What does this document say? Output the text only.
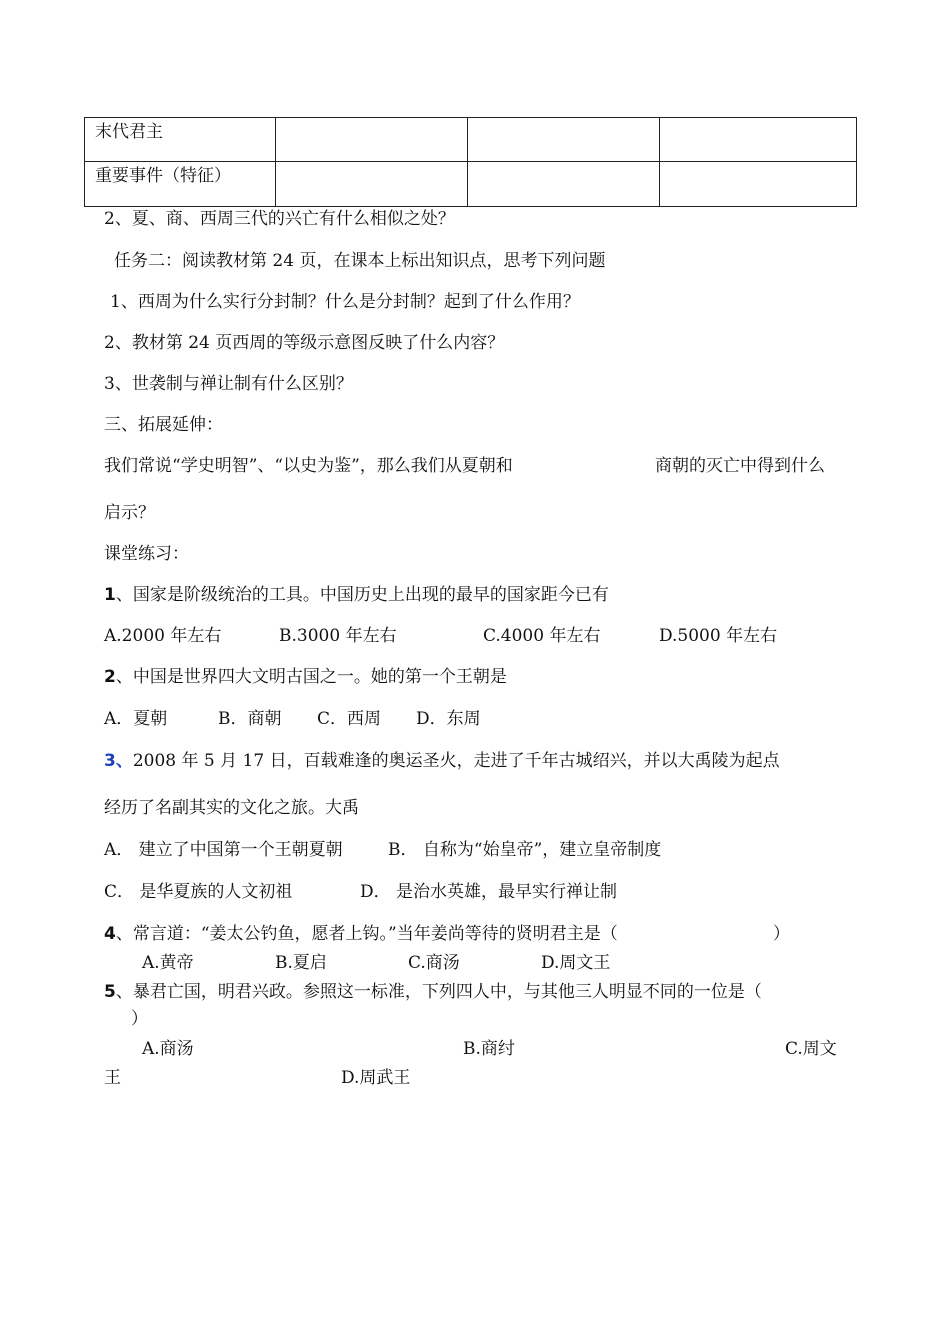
末代君主			
重要事件（特征）			
2、夏、商、西周三代的兴亡有什么相似之处？
任务二：阅读教材第 24 页，在课本上标出知识点，思考下列问题
1、西周为什么实行分封制？什么是分封制？起到了什么作用？
2、教材第 24 页西周的等级示意图反映了什么内容？
3、世袭制与禅让制有什么区别？
三、拓展延伸：
我们常说“学史明智”、“以史为鉴”，那么我们从夏朝和	商朝的灭亡中得到什么
启示？
课堂练习：
1、国家是阶级统治的工具。中国历史上出现的最早的国家距今已有
A.2000 年左右	B.3000 年左右	C.4000 年左右	D.5000 年左右
2、中国是世界四大文明古国之一。她的第一个王朝是
A．夏朝	B．商朝 C．西周 D．东周
3、2008 年 5 月 17 日，百载难逢的奥运圣火，走进了千年古城绍兴，并以大禹陵为起点
经历了名副其实的文化之旅。大禹
A． 建立了中国第一个王朝夏朝	B． 自称为“始皇帝”，建立皇帝制度
C． 是华夏族的人文初祖	D． 是治水英雄，最早实行禅让制
4、常言道：“姜太公钓鱼，愿者上钩。”当年姜尚等待的贤明君主是（	）
A.黄帝	B.夏启	C.商汤	D.周文王
5、暴君亡国，明君兴政。参照这一标准，下列四人中，与其他三人明显不同的一位是（
）
A.商汤	B.商纣	C.周文
王	D.周武王
